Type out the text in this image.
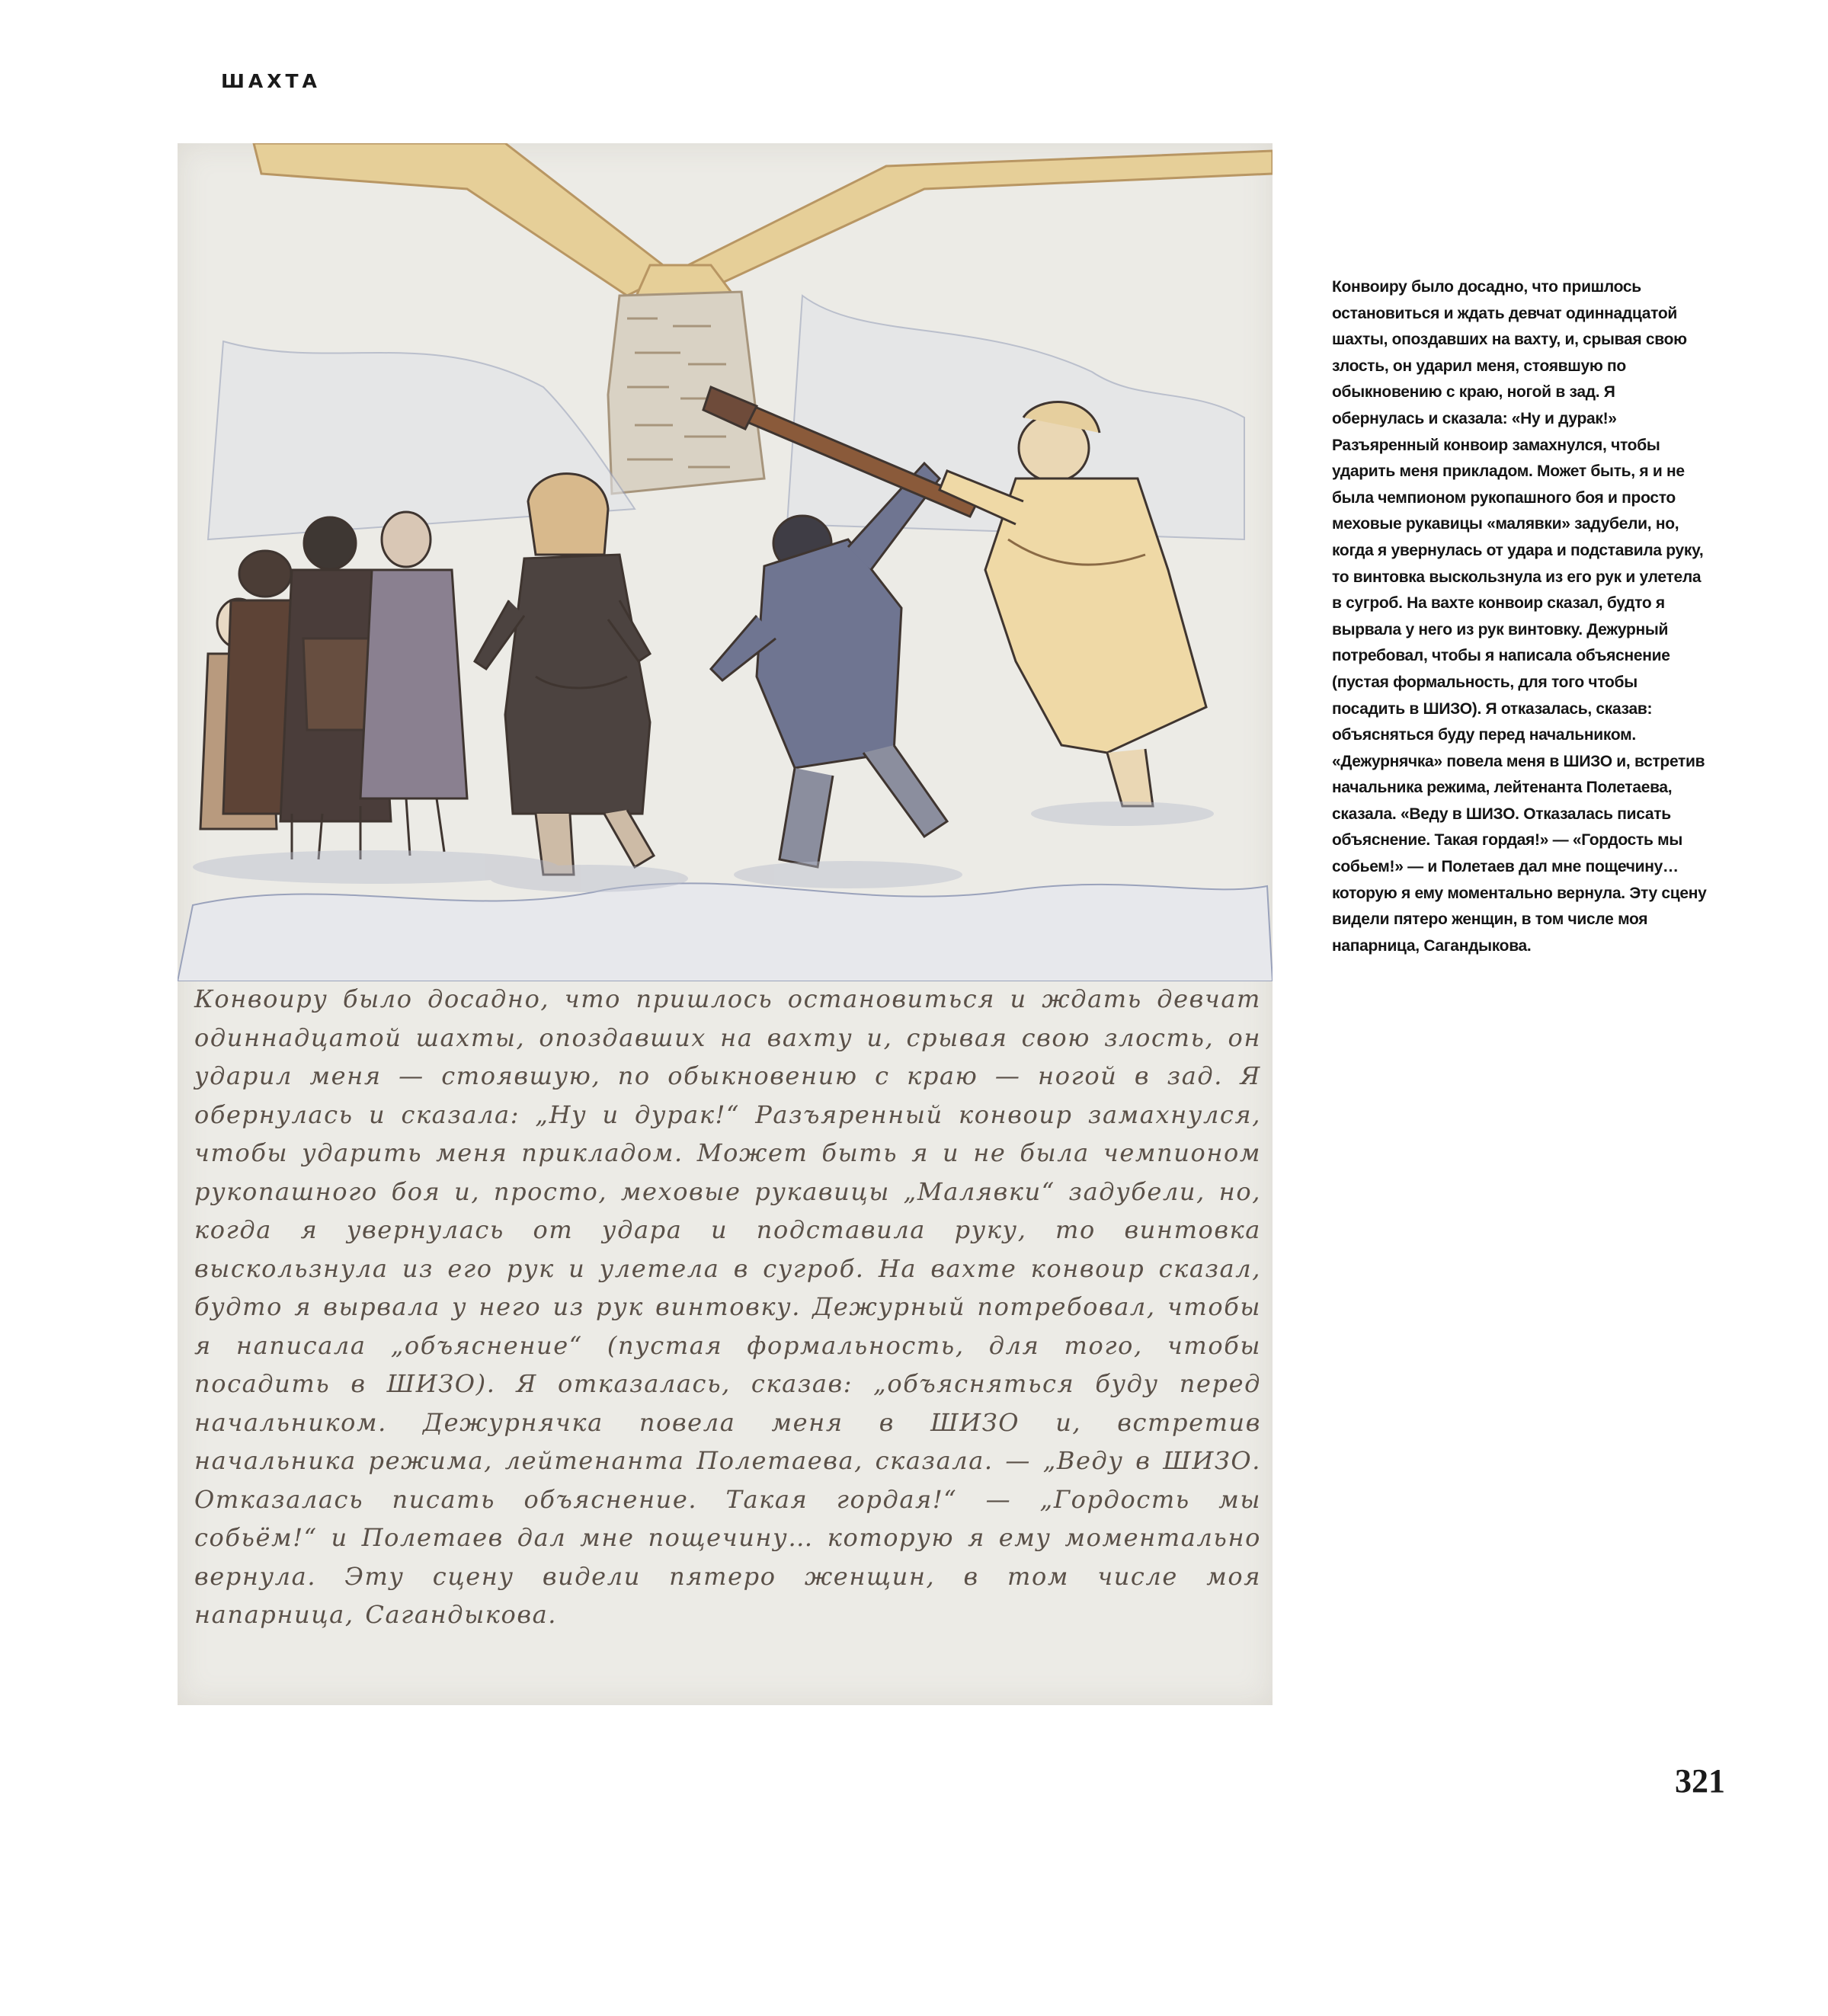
ШАХТА
Конвоиру было досадно, что пришлось остановиться и ждать девчат одиннадцатой шахты, опоздавших на вахту и, срывая свою злость, он ударил меня — стоявшую, по обыкновению с краю — ногой в зад. Я обернулась и сказала: „Ну и дурак!“ Разъяренный конвоир замахнулся, чтобы ударить меня прикладом. Может быть я и не была чемпионом рукопашного боя и, просто, меховые рукавицы „Малявки“ задубели, но, когда я увернулась от удара и подставила руку, то винтовка выскользнула из его рук и улетела в сугроб. На вахте конвоир сказал, будто я вырвала у него из рук винтовку. Дежурный потребовал, чтобы я написала „объяснение“ (пустая формальность, для того, чтобы посадить в ШИЗО). Я отказалась, сказав: „объясняться буду перед начальником. Дежурнячка повела меня в ШИЗО и, встретив начальника режима, лейтенанта Полетаева, сказала. — „Веду в ШИЗО. Отказалась писать объяснение. Такая гордая!“ — „Гордость мы собьём!“ и Полетаев дал мне пощечину… которую я ему моментально вернула. Эту сцену видели пятеро женщин, в том числе моя напарница, Сагандыкова.
Конвоиру было досадно, что пришлось остановиться и ждать девчат одиннадцатой шахты, опоздавших на вахту, и, срывая свою злость, он ударил меня, стоявшую по обыкновению с краю, ногой в зад. Я обернулась и сказала: «Ну и дурак!» Разъяренный конвоир замахнулся, чтобы ударить меня прикладом. Может быть, я и не была чемпионом рукопашного боя и просто меховые рукавицы «малявки» задубели, но, когда я увернулась от удара и подставила руку, то винтовка выскользнула из его рук и улетела в сугроб. На вахте конвоир сказал, будто я вырвала у него из рук винтовку. Дежурный потребовал, чтобы я написала объяснение (пустая формальность, для того чтобы посадить в ШИЗО). Я отказалась, сказав: объясняться буду перед начальником. «Дежурнячка» повела меня в ШИЗО и, встретив начальника режима, лейтенанта Полетаева, сказала. «Веду в ШИЗО. Отказалась писать объяснение. Такая гордая!» — «Гордость мы собьем!» — и Полетаев дал мне пощечину… которую я ему моментально вернула. Эту сцену видели пятеро женщин, в том числе моя напарница, Сагандыкова.
321
